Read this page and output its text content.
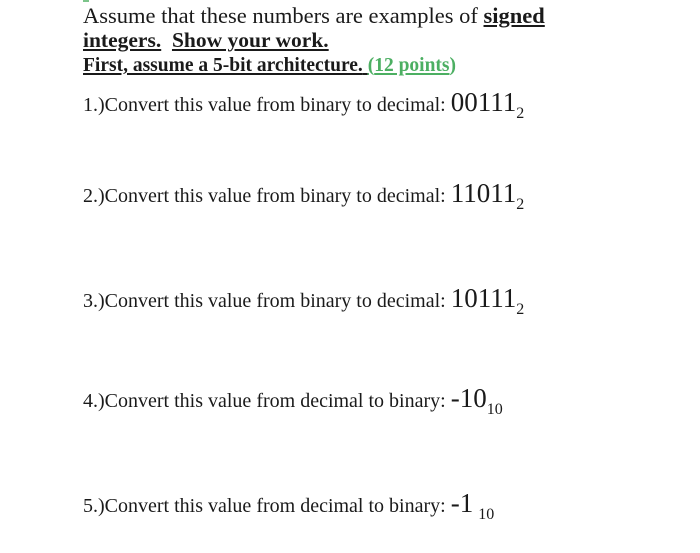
Assume that these numbers are examples of signed
integers. Show your work.
First, assume a 5-bit architecture. (12 points)
1.)Convert this value from binary to decimal: $00111_2$
2.)Convert this value from binary to decimal: $11011_2$
3.)Convert this value from binary to decimal: $10111_2$
4.)Convert this value from decimal to binary: $-10_{10}$
5.)Convert this value from decimal to binary: -1 $_{10}$
